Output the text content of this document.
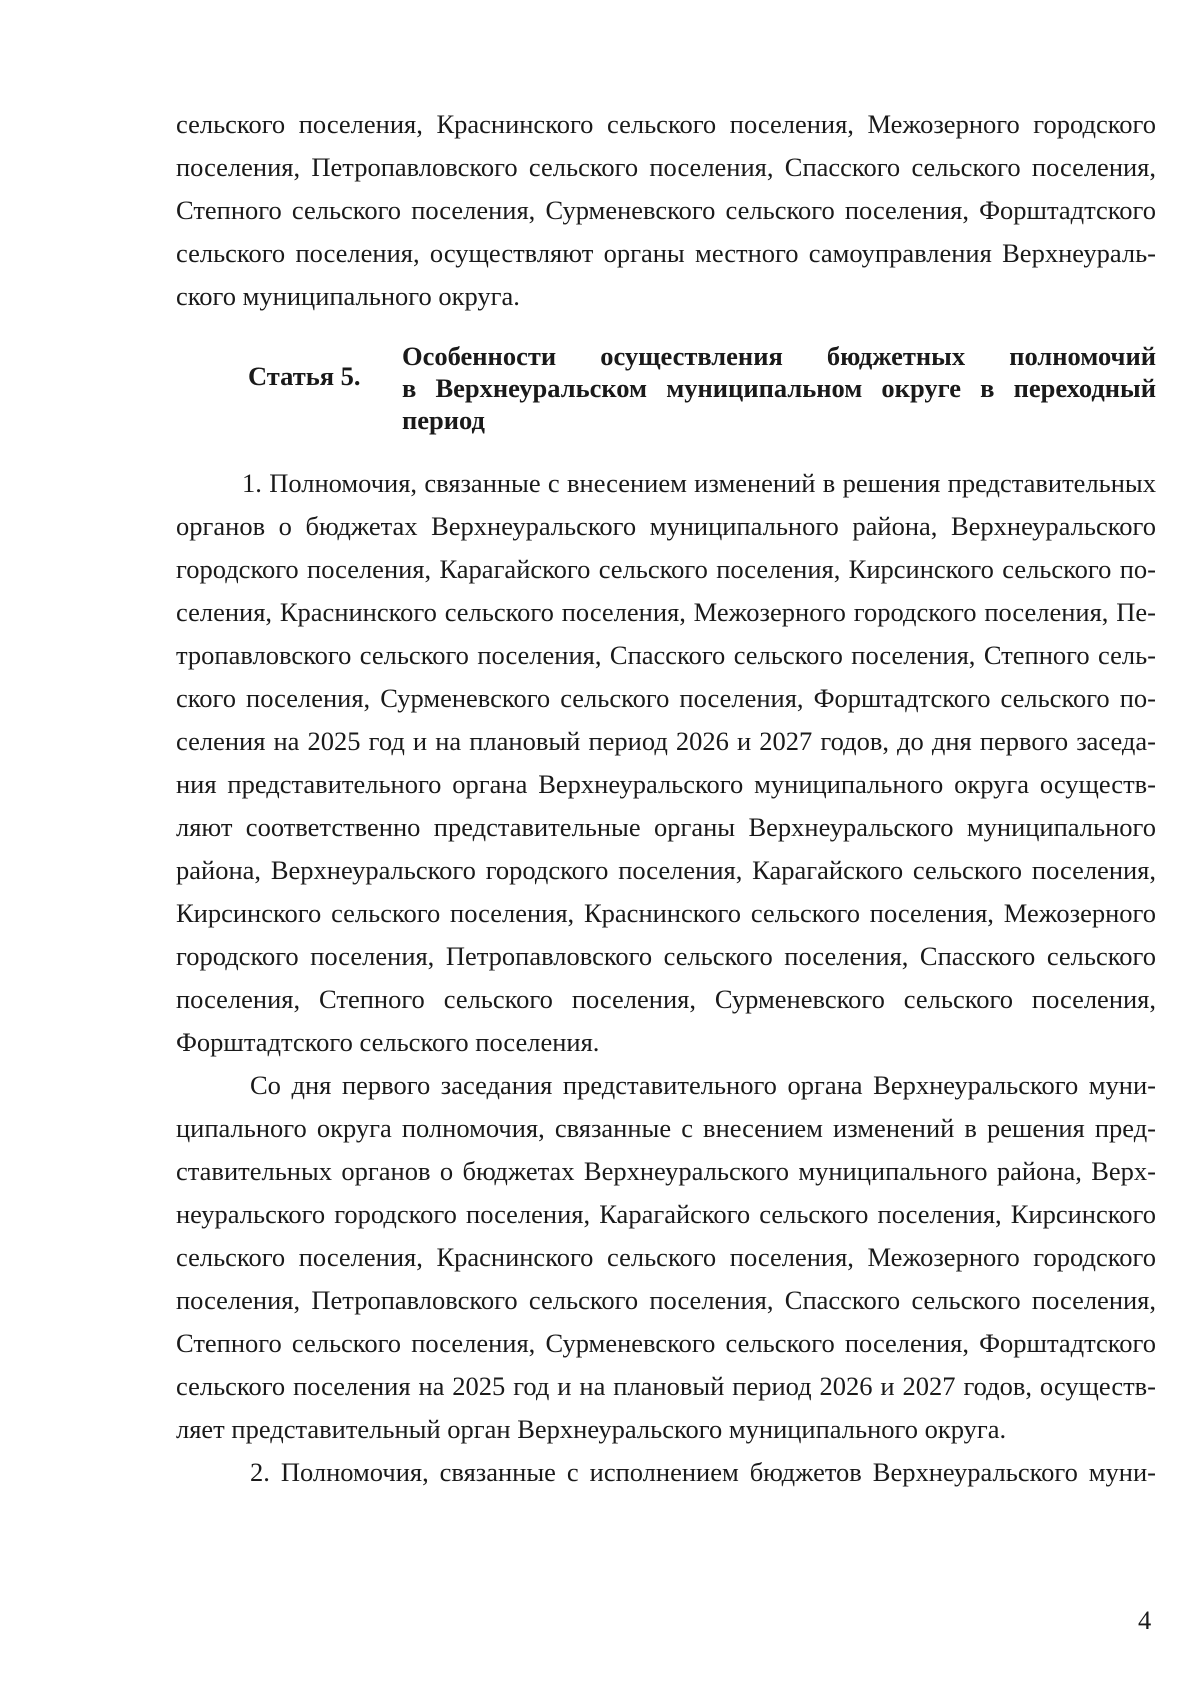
сельского поселения, Краснинского сельского поселения, Межозерного городского
поселения, Петропавловского сельского поселения, Спасского сельского поселения,
Степного сельского поселения, Сурменевского сельского поселения, Форштадтского
сельского поселения, осуществляют органы местного самоуправления Верхнеураль-
ского муниципального округа.
Статья 5.
Особенности осуществления бюджетных полномочий
в Верхнеуральском муниципальном округе в переходный
период
1. Полномочия, связанные с внесением изменений в решения представительных
органов о бюджетах Верхнеуральского муниципального района, Верхнеуральского
городского поселения, Карагайского сельского поселения, Кирсинского сельского по-
селения, Краснинского сельского поселения, Межозерного городского поселения, Пе-
тропавловского сельского поселения, Спасского сельского поселения, Степного сель-
ского поселения, Сурменевского сельского поселения, Форштадтского сельского по-
селения на 2025 год и на плановый период 2026 и 2027 годов, до дня первого заседа-
ния представительного органа Верхнеуральского муниципального округа осуществ-
ляют соответственно представительные органы Верхнеуральского муниципального
района, Верхнеуральского городского поселения, Карагайского сельского поселения,
Кирсинского сельского поселения, Краснинского сельского поселения, Межозерного
городского поселения, Петропавловского сельского поселения, Спасского сельского
поселения, Степного сельского поселения, Сурменевского сельского поселения,
Форштадтского сельского поселения.
Со дня первого заседания представительного органа Верхнеуральского муни-
ципального округа полномочия, связанные с внесением изменений в решения пред-
ставительных органов о бюджетах Верхнеуральского муниципального района, Верх-
неуральского городского поселения, Карагайского сельского поселения, Кирсинского
сельского поселения, Краснинского сельского поселения, Межозерного городского
поселения, Петропавловского сельского поселения, Спасского сельского поселения,
Степного сельского поселения, Сурменевского сельского поселения, Форштадтского
сельского поселения на 2025 год и на плановый период 2026 и 2027 годов, осуществ-
ляет представительный орган Верхнеуральского муниципального округа.
2. Полномочия, связанные с исполнением бюджетов Верхнеуральского муни-
4
